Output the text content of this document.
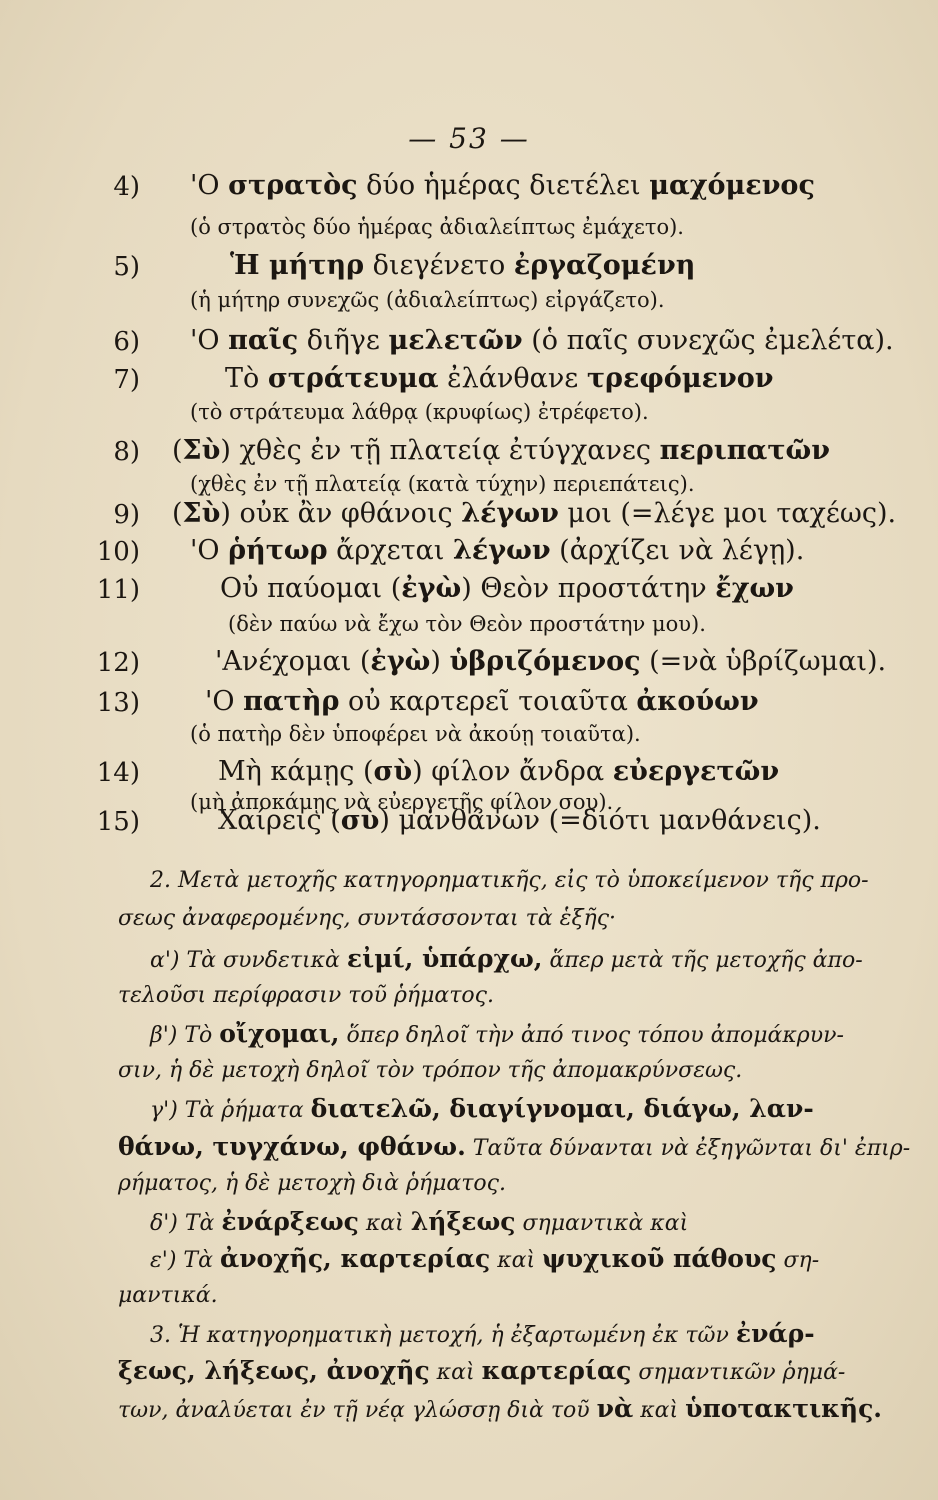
— 53 —
4) 'Ο στρατὸς δύο ἡμέρας διετέλει μαχόμενος
(ὁ στρατὸς δύο ἡμέρας ἀδιαλείπτως ἐμάχετο).
5)	Ἡ μήτηρ διεγένετο ἐργαζομένη
(ἡ μήτηρ συνεχῶς (ἀδιαλείπτως) εἰργάζετο).
6) 'Ο παῖς διῆγε μελετῶν (ὁ παῖς συνεχῶς ἐμελέτα).
7)	Τὸ στράτευμα ἐλάνθανε τρεφόμενον
(τὸ στράτευμα λάθρᾳ (κρυφίως) ἐτρέφετο).
8) (Σὺ) χθὲς ἐν τῇ πλατείᾳ ἐτύγχανες περιπατῶν
(χθὲς ἐν τῇ πλατείᾳ (κατὰ τύχην) περιεπάτεις).
9) (Σὺ) οὐκ ἂν φθάνοις λέγων μοι (=λέγε μοι ταχέως).
10) 'Ο ῥήτωρ ἄρχεται λέγων (ἀρχίζει νὰ λέγῃ).
11)	Οὐ παύομαι (ἐγὼ) Θεὸν προστάτην ἔχων
(δὲν παύω νὰ ἔχω τὸν Θεὸν προστάτην μου).
12)	'Ανέχομαι (ἐγὼ) ὑβριζόμενος (=νὰ ὑβρίζωμαι).
13) 'Ο πατὴρ οὐ καρτερεῖ τοιαῦτα ἀκούων
(ὁ πατὴρ δὲν ὑποφέρει νὰ ἀκούῃ τοιαῦτα).
14)	Μὴ κάμῃς (σὺ) φίλον ἄνδρα εὐεργετῶν
(μὴ ἀποκάμῃς νὰ εὐεργετῇς φίλον σου).
15)	Χαίρεις (σὺ) μανθάνων (=διότι μανθάνεις).
2. Μετὰ μετοχῆς κατηγορηματικῆς, εἰς τὸ ὑποκείμενον τῆς προ-
σεως ἀναφερομένης, συντάσσονται τὰ ἑξῆς·
α') Τὰ συνδετικὰ εἰμί, ὑπάρχω, ἅπερ μετὰ τῆς μετοχῆς ἀπο-
τελοῦσι περίφρασιν τοῦ ῥήματος.
β') Τὸ οἴχομαι, ὅπερ δηλοῖ τὴν ἀπό τινος τόπου ἀπομάκρυν-
σιν, ἡ δὲ μετοχὴ δηλοῖ τὸν τρόπον τῆς ἀπομακρύνσεως.
γ') Τὰ ῥήματα διατελῶ, διαγίγνομαι, διάγω, λαν-
θάνω, τυγχάνω, φθάνω. Ταῦτα δύνανται νὰ ἐξηγῶνται δι' ἐπιρ-
ρήματος, ἡ δὲ μετοχὴ διὰ ῥήματος.
δ') Τὰ ἐνάρξεως καὶ λήξεως σημαντικὰ καὶ
ε') Τὰ ἀνοχῆς, καρτερίας καὶ ψυχικοῦ πάθους ση-
μαντικά.
3. Ἡ κατηγορηματικὴ μετοχή, ἡ ἐξαρτωμένη ἐκ τῶν ἐνάρ-
ξεως, λήξεως, ἀνοχῆς καὶ καρτερίας σημαντικῶν ῥημά-
των, ἀναλύεται ἐν τῇ νέᾳ γλώσσῃ διὰ τοῦ νὰ καὶ ὑποτακτικῆς.
